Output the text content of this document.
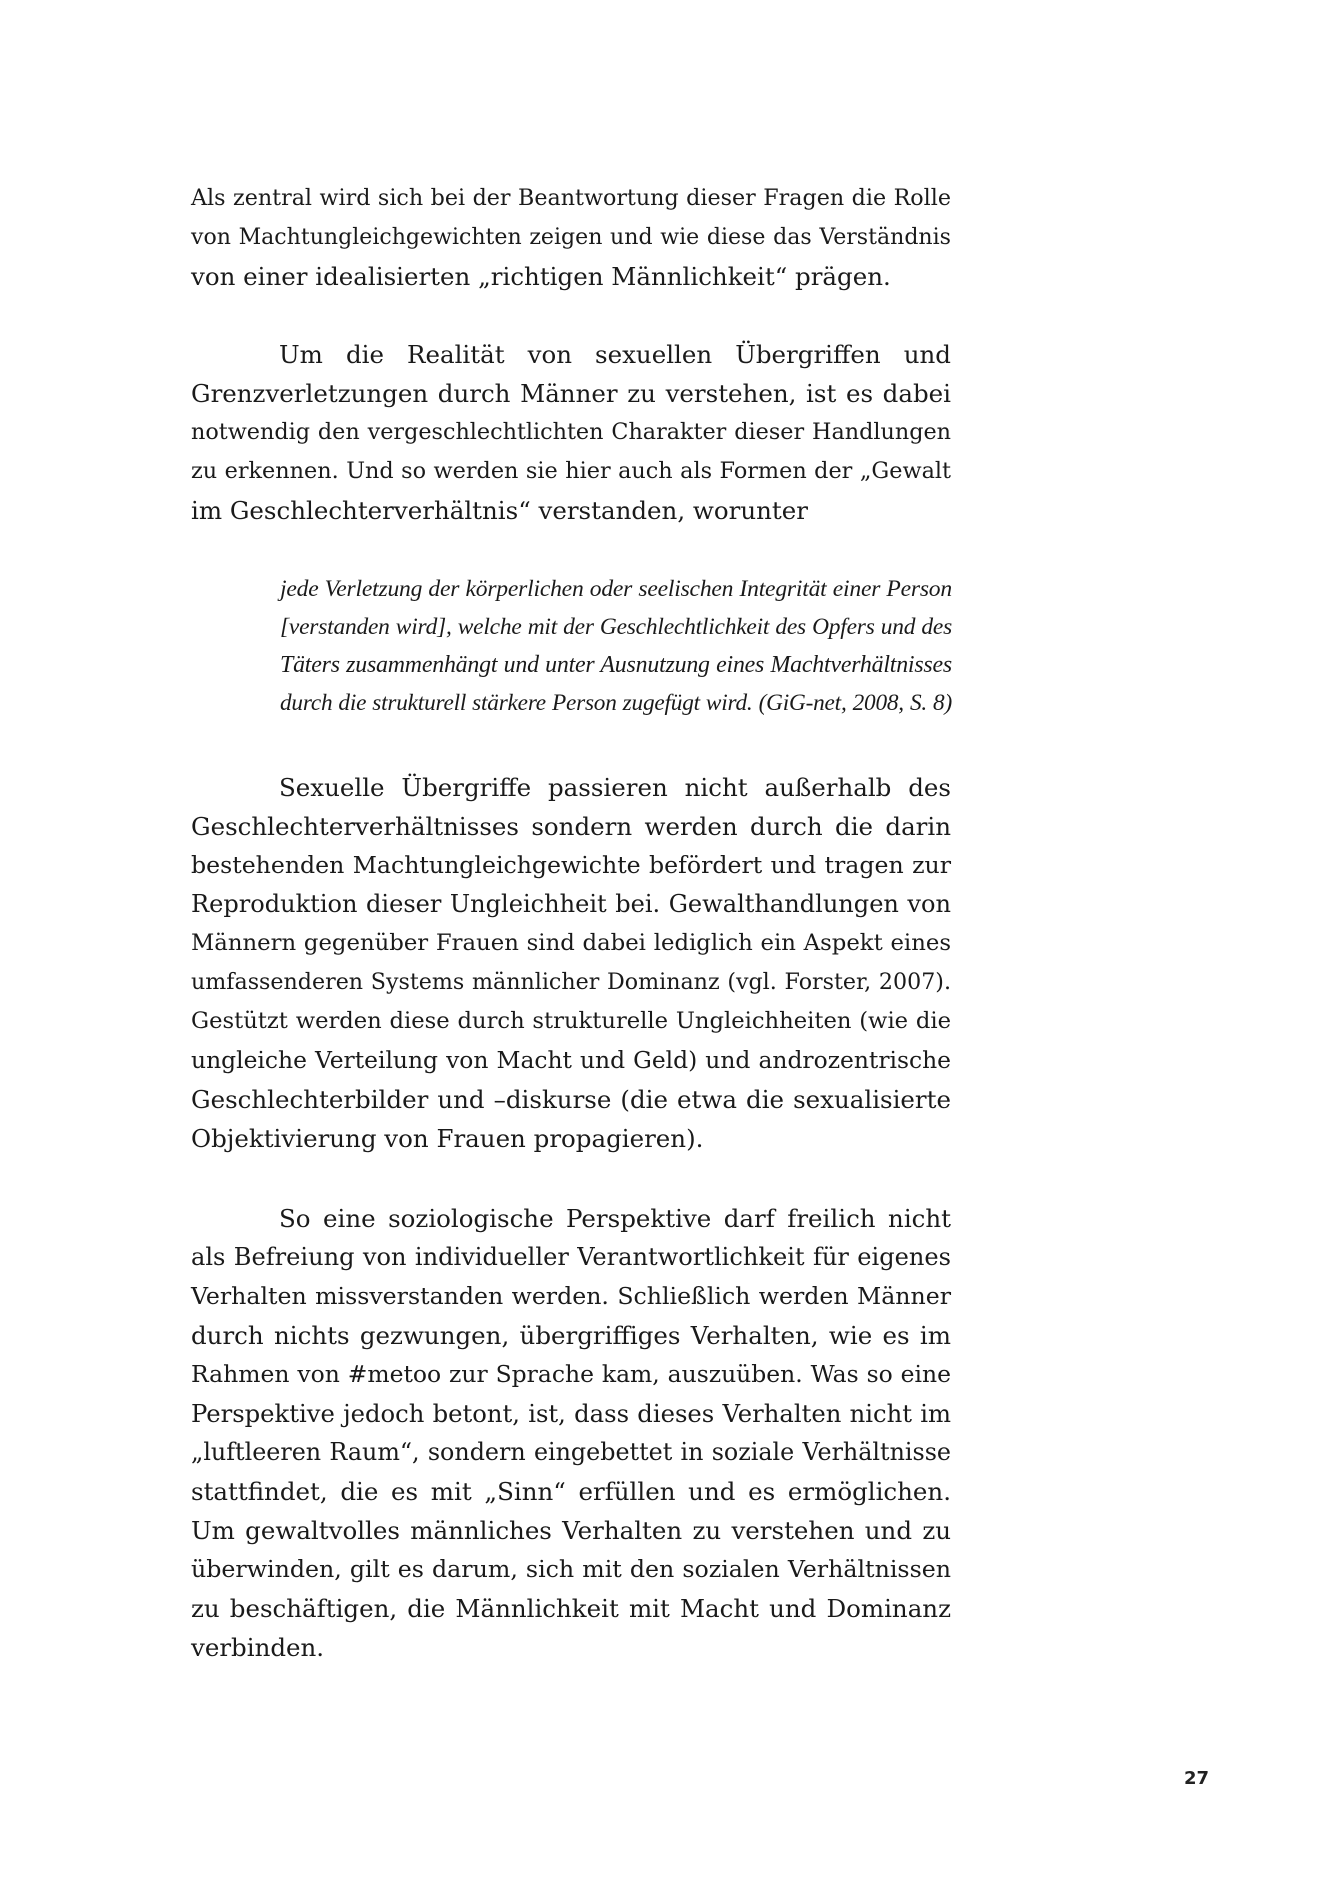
Als zentral wird sich bei der Beantwortung dieser Fragen die Rolle
von Machtungleichgewichten zeigen und wie diese das Verständnis
von einer idealisierten „richtigen Männlichkeit“ prägen.
Um die Realität von sexuellen Übergriffen und
Grenzverletzungen durch Männer zu verstehen, ist es dabei
notwendig den vergeschlechtlichten Charakter dieser Handlungen
zu erkennen. Und so werden sie hier auch als Formen der „Gewalt
im Geschlechterverhältnis“ verstanden, worunter
jede Verletzung der körperlichen oder seelischen Integrität einer Person
[verstanden wird], welche mit der Geschlechtlichkeit des Opfers und des
Täters zusammenhängt und unter Ausnutzung eines Machtverhältnisses
durch die strukturell stärkere Person zugefügt wird. (GiG-net, 2008, S. 8)
Sexuelle Übergriffe passieren nicht außerhalb des
Geschlechterverhältnisses sondern werden durch die darin
bestehenden Machtungleichgewichte befördert und tragen zur
Reproduktion dieser Ungleichheit bei. Gewalthandlungen von
Männern gegenüber Frauen sind dabei lediglich ein Aspekt eines
umfassenderen Systems männlicher Dominanz (vgl. Forster, 2007).
Gestützt werden diese durch strukturelle Ungleichheiten (wie die
ungleiche Verteilung von Macht und Geld) und androzentrische
Geschlechterbilder und –diskurse (die etwa die sexualisierte
Objektivierung von Frauen propagieren).
So eine soziologische Perspektive darf freilich nicht
als Befreiung von individueller Verantwortlichkeit für eigenes
Verhalten missverstanden werden. Schließlich werden Männer
durch nichts gezwungen, übergriffiges Verhalten, wie es im
Rahmen von #metoo zur Sprache kam, auszuüben. Was so eine
Perspektive jedoch betont, ist, dass dieses Verhalten nicht im
„luftleeren Raum“, sondern eingebettet in soziale Verhältnisse
stattfindet, die es mit „Sinn“ erfüllen und es ermöglichen.
Um gewaltvolles männliches Verhalten zu verstehen und zu
überwinden, gilt es darum, sich mit den sozialen Verhältnissen
zu beschäftigen, die Männlichkeit mit Macht und Dominanz
verbinden.
27
